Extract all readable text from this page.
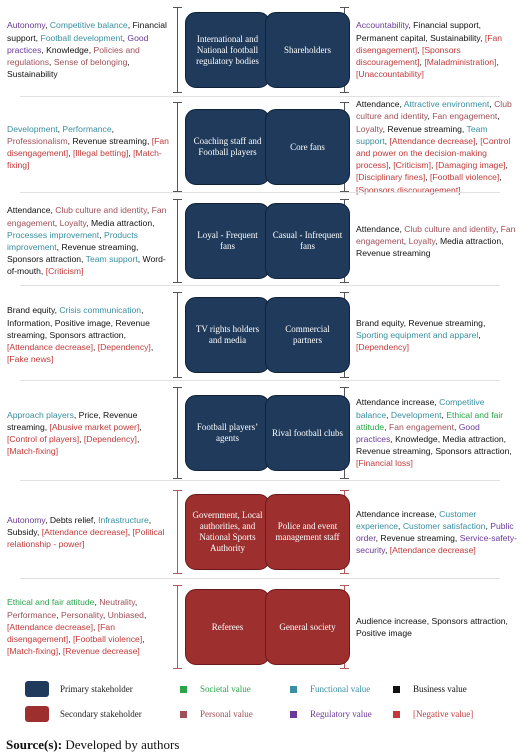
Autonomy, Competitive balance, Financial support, Football development, Good practices, Knowledge, Policies and regulations, Sense of belonging, Sustainability
Accountability, Financial support, Permanent capital, Sustainability, [Fan disengagement], [Sponsors discouragement], [Maladministration], [Unaccountability]
International and National football regulatory bodies
Shareholders
Development, Performance, Professionalism, Revenue streaming, [Fan disengagement], [Illegal betting], [Match-fixing]
Attendance, Attractive environment, Club culture and identity, Fan engagement, Loyalty, Revenue streaming, Team support, [Attendance decrease], [Control and power on the decision-making process], [Criticism], [Damaging image], [Disciplinary fines], [Football violence], [Sponsors discouragement]
Coaching staff and Football players
Core fans
Attendance, Club culture and identity, Fan engagement, Loyalty, Media attraction, Processes improvement, Products improvement, Revenue streaming, Sponsors attraction, Team support, Word-of-mouth, [Criticism]
Attendance, Club culture and identity, Fan engagement, Loyalty, Media attraction, Revenue streaming
Loyal - Frequent fans
Casual - Infrequent fans
Brand equity, Crisis communication, Information, Positive image, Revenue streaming, Sponsors attraction, [Attendance decrease], [Dependency], [Fake news]
Brand equity, Revenue streaming, Sporting equipment and apparel, [Dependency]
TV rights holders and media
Commercial partners
Approach players, Price, Revenue streaming, [Abusive market power], [Control of players], [Dependency], [Match-fixing]
Attendance increase, Competitive balance, Development, Ethical and fair attitude, Fan engagement, Good practices, Knowledge, Media attraction, Revenue streaming, Sponsors attraction, [Financial loss]
Football players’ agents
Rival football clubs
Autonomy, Debts relief, Infrastructure, Subsidy, [Attendance decrease], [Political relationship - power]
Attendance increase, Customer experience, Customer satisfaction, Public order, Revenue streaming, Service-safety-security, [Attendance decrease]
Government, Local authorities, and National Sports Authority
Police and event management staff
Ethical and fair attitude, Neutrality, Performance, Personality, Unbiased, [Attendance decrease], [Fan disengagement], [Football violence], [Match-fixing], [Revenue decrease]
Audience increase, Sponsors attraction, Positive image
Referees	General society
Primary stakeholder
Secondary stakeholder
Societal value
Personal value
Functional value
Regulatory value
Business value
[Negative value]
Source(s): Developed by authors
